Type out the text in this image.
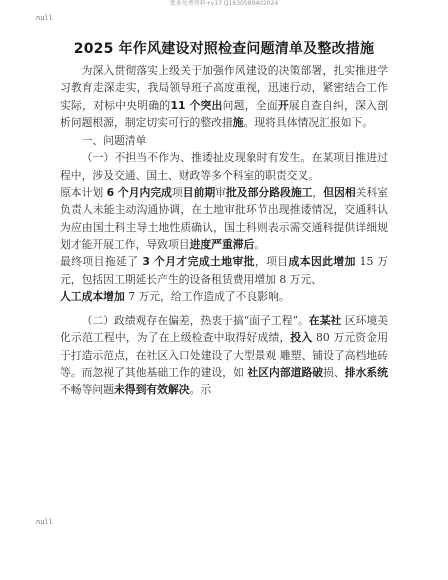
更多免费资料+v17 Q1630589402024
null
2025 年作风建设对照检查问题清单及整改措施

为深入贯彻落实上级关于加强作风建设的决策部署，扎实推进学习教育走深走实，我局领导班子高度重视，迅速行动，紧密结合工作实际，对标中央明确的11 个突出问题，全面开展自查自纠，深入剖析问题根源，制定切实可行的整改措施。现将具体情况汇报如下。

一、问题清单

（一）不担当不作为、推诿扯皮现象时有发生。在某项目推进过程中，涉及交通、国土、财政等多个科室的职责交叉。

原本计划 6 个月内完成项目前期审批及部分路段施工，但因相关科室负责人未能主动沟通协调，在土地审批环节出现推诿情况，交通科认为应由国土科主导土地性质确认，国土科则表示需交通科提供详细规划才能开展工作，导致项目进度严重滞后。

最终项目拖延了 3 个月才完成土地审批，项目成本因此增加 15 万元，包括因工期延长产生的设备租赁费用增加 8 万元、

人工成本增加 7 万元，给工作造成了不良影响。

（二）政绩观存在偏差，热衷于搞“面子工程”。在某社 区环境美化示范工程中，为了在上级检查中取得好成绩，投入 80 万元资金用于打造示范点，在社区入口处建设了大型景观 雕塑、铺设了高档地砖等。而忽视了其他基础工作的建设，如 社区内部道路破损、排水系统不畅等问题未得到有效解决。示

null
